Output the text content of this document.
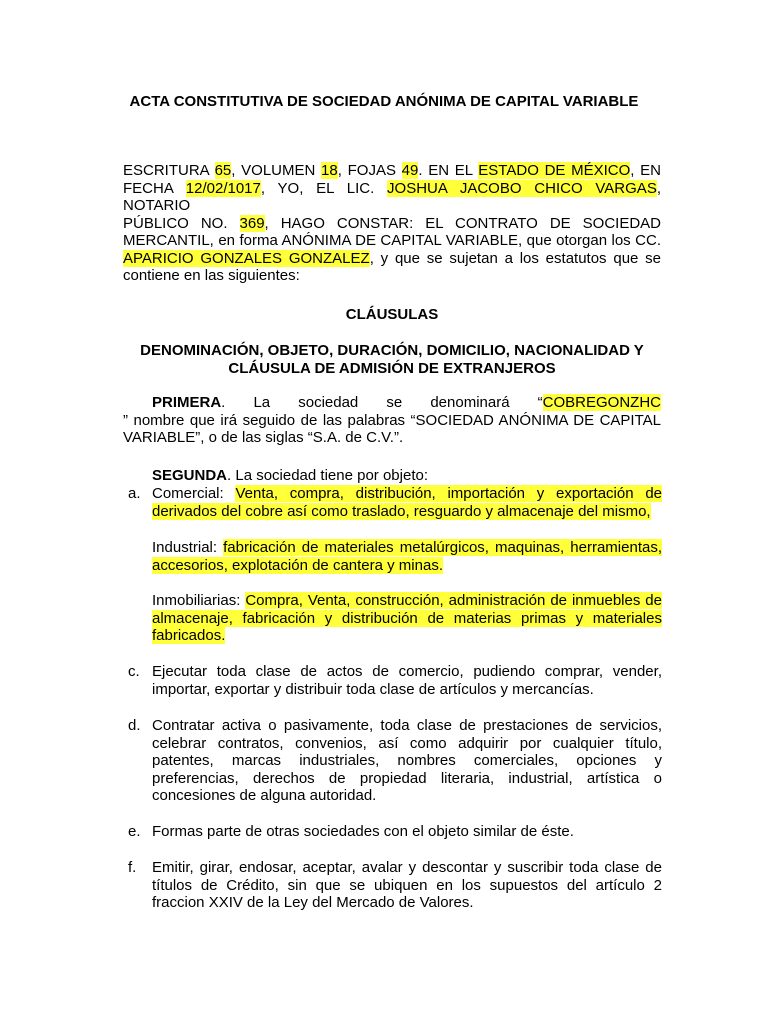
ACTA CONSTITUTIVA DE SOCIEDAD ANÓNIMA DE CAPITAL VARIABLE
ESCRITURA 65, VOLUMEN 18, FOJAS 49. EN EL ESTADO DE MÉXICO, EN
FECHA 12/02/1017, YO, EL LIC. JOSHUA JACOBO CHICO VARGAS, NOTARIO
PÚBLICO NO. 369, HAGO CONSTAR: EL CONTRATO DE SOCIEDAD
MERCANTIL, en forma ANÓNIMA DE CAPITAL VARIABLE, que otorgan los CC.
APARICIO GONZALES GONZALEZ, y que se sujetan a los estatutos que se
contiene en las siguientes:
CLÁUSULAS
DENOMINACIÓN, OBJETO, DURACIÓN, DOMICILIO, NACIONALIDAD Y
CLÁUSULA DE ADMISIÓN DE EXTRANJEROS
PRIMERA. La sociedad se denominará “COBREGONZHC
” nombre que irá seguido de las palabras “SOCIEDAD ANÓNIMA DE CAPITAL
VARIABLE”, o de las siglas “S.A. de C.V.”.
SEGUNDA. La sociedad tiene por objeto:
a. Comercial: Venta, compra, distribución, importación y exportación de
derivados del cobre así como traslado, resguardo y almacenaje del mismo,
Industrial: fabricación de materiales metalúrgicos, maquinas, herramientas,
accesorios, explotación de cantera y minas.
Inmobiliarias: Compra, Venta, construcción, administración de inmuebles de
almacenaje, fabricación y distribución de materias primas y materiales
fabricados.
c. Ejecutar toda clase de actos de comercio, pudiendo comprar, vender,
importar, exportar y distribuir toda clase de artículos y mercancías.
d. Contratar activa o pasivamente, toda clase de prestaciones de servicios,
celebrar contratos, convenios, así como adquirir por cualquier título,
patentes, marcas industriales, nombres comerciales, opciones y
preferencias, derechos de propiedad literaria, industrial, artística o
concesiones de alguna autoridad.
e. Formas parte de otras sociedades con el objeto similar de éste.
f. Emitir, girar, endosar, aceptar, avalar y descontar y suscribir toda clase de
títulos de Crédito, sin que se ubiquen en los supuestos del artículo 2
fraccion XXIV de la Ley del Mercado de Valores.
